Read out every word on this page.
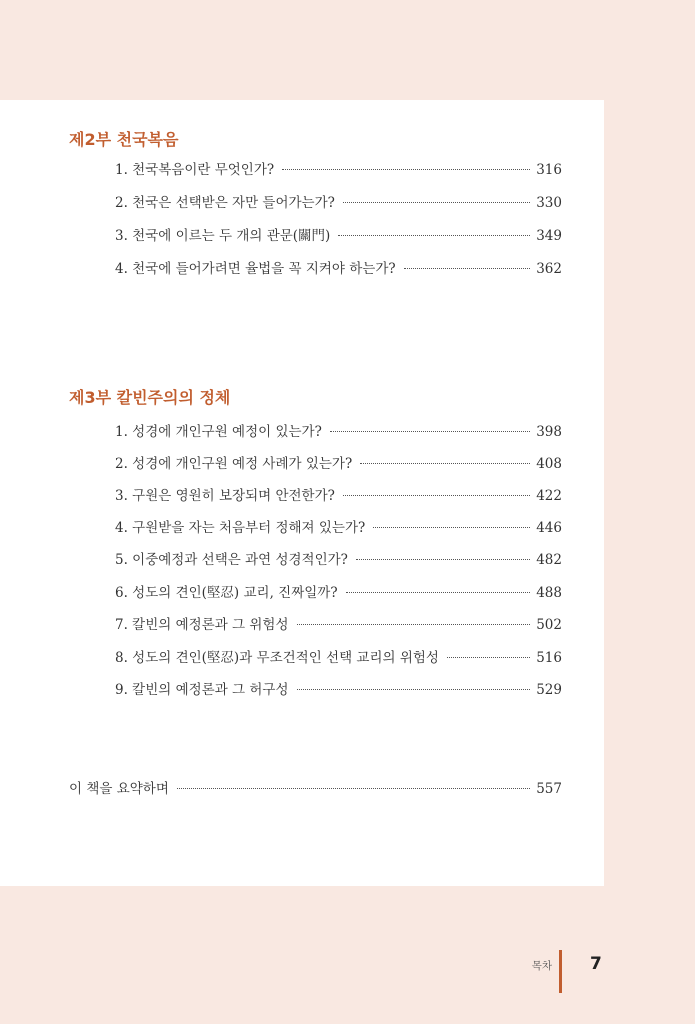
제2부 천국복음
1. 천국복음이란 무엇인가?	316
2. 천국은 선택받은 자만 들어가는가?	330
3. 천국에 이르는 두 개의 관문(關門)	349
4. 천국에 들어가려면 율법을 꼭 지켜야 하는가?	362
제3부 칼빈주의의 정체
1. 성경에 개인구원 예정이 있는가?	398
2. 성경에 개인구원 예정 사례가 있는가?	408
3. 구원은 영원히 보장되며 안전한가?	422
4. 구원받을 자는 처음부터 정해져 있는가?	446
5. 이중예정과 선택은 과연 성경적인가?	482
6. 성도의 견인(堅忍) 교리, 진짜일까?	488
7. 칼빈의 예정론과 그 위험성	502
8. 성도의 견인(堅忍)과 무조건적인 선택 교리의 위험성	516
9. 칼빈의 예정론과 그 허구성	529
이 책을 요약하며	557
목차 7
